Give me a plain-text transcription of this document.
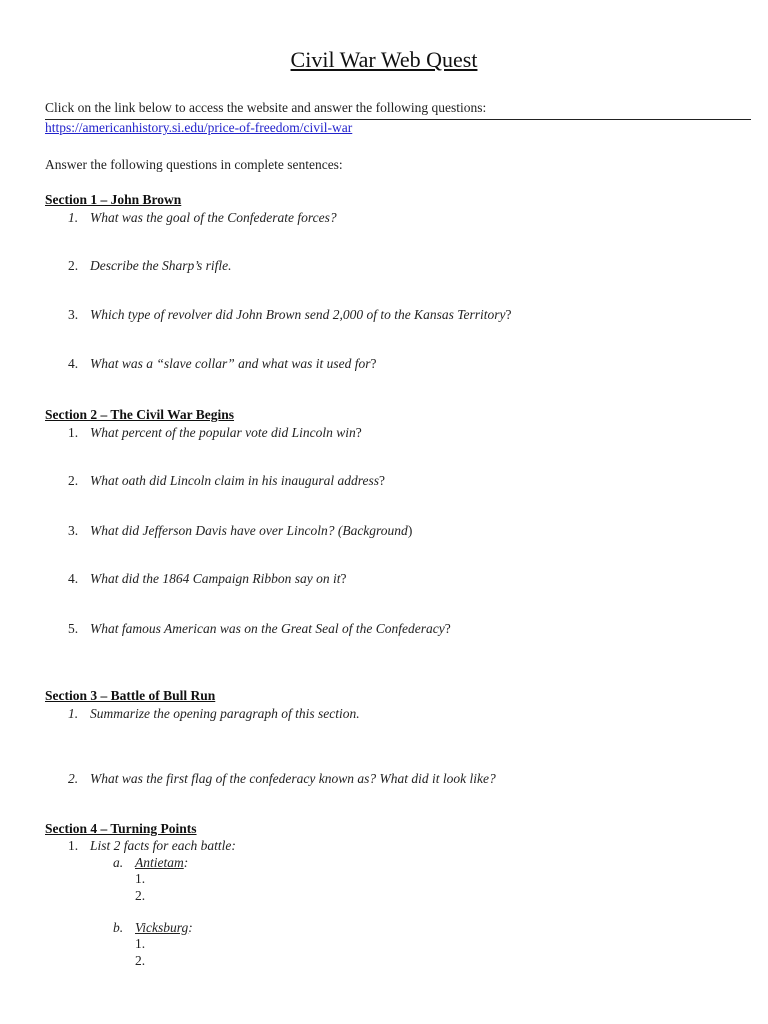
Civil War Web Quest
Click on the link below to access the website and answer the following questions:
https://americanhistory.si.edu/price-of-freedom/civil-war
Answer the following questions in complete sentences:
Section 1 – John Brown
1. What was the goal of the Confederate forces?
2. Describe the Sharp’s rifle.
3. Which type of revolver did John Brown send 2,000 of to the Kansas Territory?
4. What was a “slave collar” and what was it used for?
Section 2 – The Civil War Begins
1. What percent of the popular vote did Lincoln win?
2. What oath did Lincoln claim in his inaugural address?
3. What did Jefferson Davis have over Lincoln? (Background)
4. What did the 1864 Campaign Ribbon say on it?
5. What famous American was on the Great Seal of the Confederacy?
Section 3 – Battle of Bull Run
1. Summarize the opening paragraph of this section.
2. What was the first flag of the confederacy known as? What did it look like?
Section 4 – Turning Points
1. List 2 facts for each battle:
a. Antietam:
1.
2.
b. Vicksburg:
1.
2.
